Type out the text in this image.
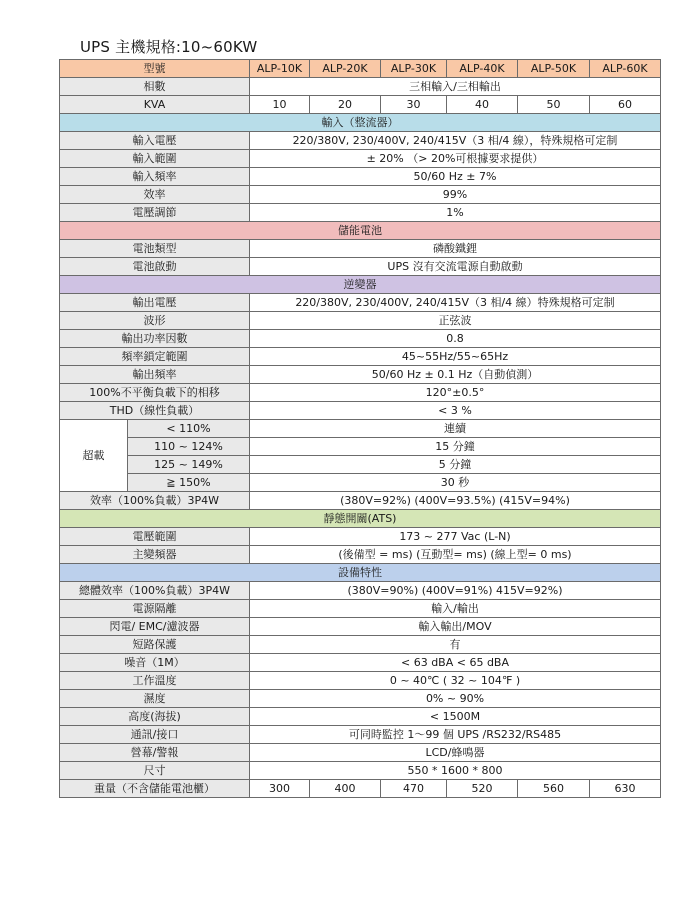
UPS 主機規格:10~60KW
型號		ALP-10K	ALP-20K	ALP-30K	ALP-40K	ALP-50K	ALP-60K
相數		三相輸入/三相輸出					
KVA		10	20	30	40	50	60
輸入（整流器）							
輸入電壓		220/380V, 230/400V, 240/415V（3 相/4 線），特殊規格可定制					
輸入範圍		± 20% （> 20%可根據要求提供）					
輸入頻率		50/60 Hz ± 7%					
效率		99%					
電壓調節		1%					
儲能電池							
電池類型		磷酸鐵鋰					
電池啟動		UPS 沒有交流電源自動啟動					
逆變器							
輸出電壓		220/380V, 230/400V, 240/415V（3 相/4 線）特殊規格可定制					
波形		正弦波					
輸出功率因數		0.8					
頻率鎖定範圍		45~55Hz/55~65Hz					
輸出頻率		50/60 Hz ± 0.1 Hz（自動偵測）					
100%不平衡負載下的相移		120°±0.5°					
THD（線性負載）		< 3 %					
超載	< 110%	連續					
	110 ~ 124%	15 分鐘					
	125 ~ 149%	5 分鐘					
	≧ 150%	30 秒					
效率（100%負載）3P4W		(380V=92%) (400V=93.5%) (415V=94%)					
靜態開關(ATS)							
電壓範圍		173 ~ 277 Vac (L-N)					
主變頻器		(後備型 = ms) (互動型= ms) (線上型= 0 ms)					
設備特性							
總體效率（100%負載）3P4W		(380V=90%) (400V=91%) 415V=92%)					
電源隔離		輸入/輸出					
閃電/ EMC/濾波器		輸入輸出/MOV					
短路保護		有					
噪音（1M）		< 63 dBA < 65 dBA					
工作溫度		0 ~ 40℃ ( 32 ~ 104℉ )					
濕度		0% ~ 90%					
高度(海拔)		< 1500M					
通訊/接口		可同時監控 1～99 個 UPS /RS232/RS485					
營幕/警報		LCD/蜂鳴器					
尺寸		550 * 1600 * 800					
重量（不含儲能電池櫃）		300	400	470	520	560	630
